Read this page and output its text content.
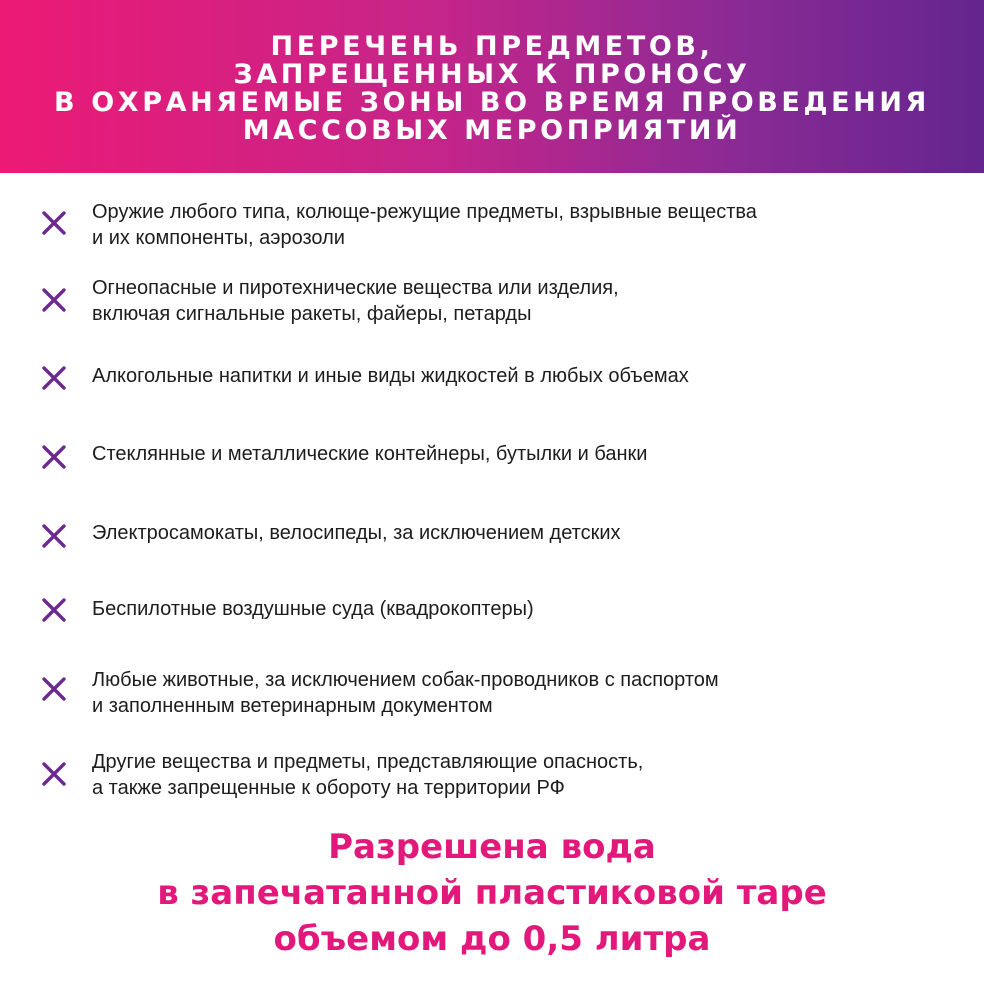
ПЕРЕЧЕНЬ ПРЕДМЕТОВ,
ЗАПРЕЩЕННЫХ К ПРОНОСУ
В ОХРАНЯЕМЫЕ ЗОНЫ ВО ВРЕМЯ ПРОВЕДЕНИЯ
МАССОВЫХ МЕРОПРИЯТИЙ
Оружие любого типа, колюще-режущие предметы, взрывные вещества
и их компоненты, аэрозоли
Огнеопасные и пиротехнические вещества или изделия,
включая сигнальные ракеты, файеры, петарды
Алкогольные напитки и иные виды жидкостей в любых объемах
Стеклянные и металлические контейнеры, бутылки и банки
Электросамокаты, велосипеды, за исключением детских
Беспилотные воздушные суда (квадрокоптеры)
Любые животные, за исключением собак-проводников с паспортом
и заполненным ветеринарным документом
Другие вещества и предметы, представляющие опасность,
а также запрещенные к обороту на территории РФ
Разрешена вода
в запечатанной пластиковой таре
объемом до 0,5 литра
